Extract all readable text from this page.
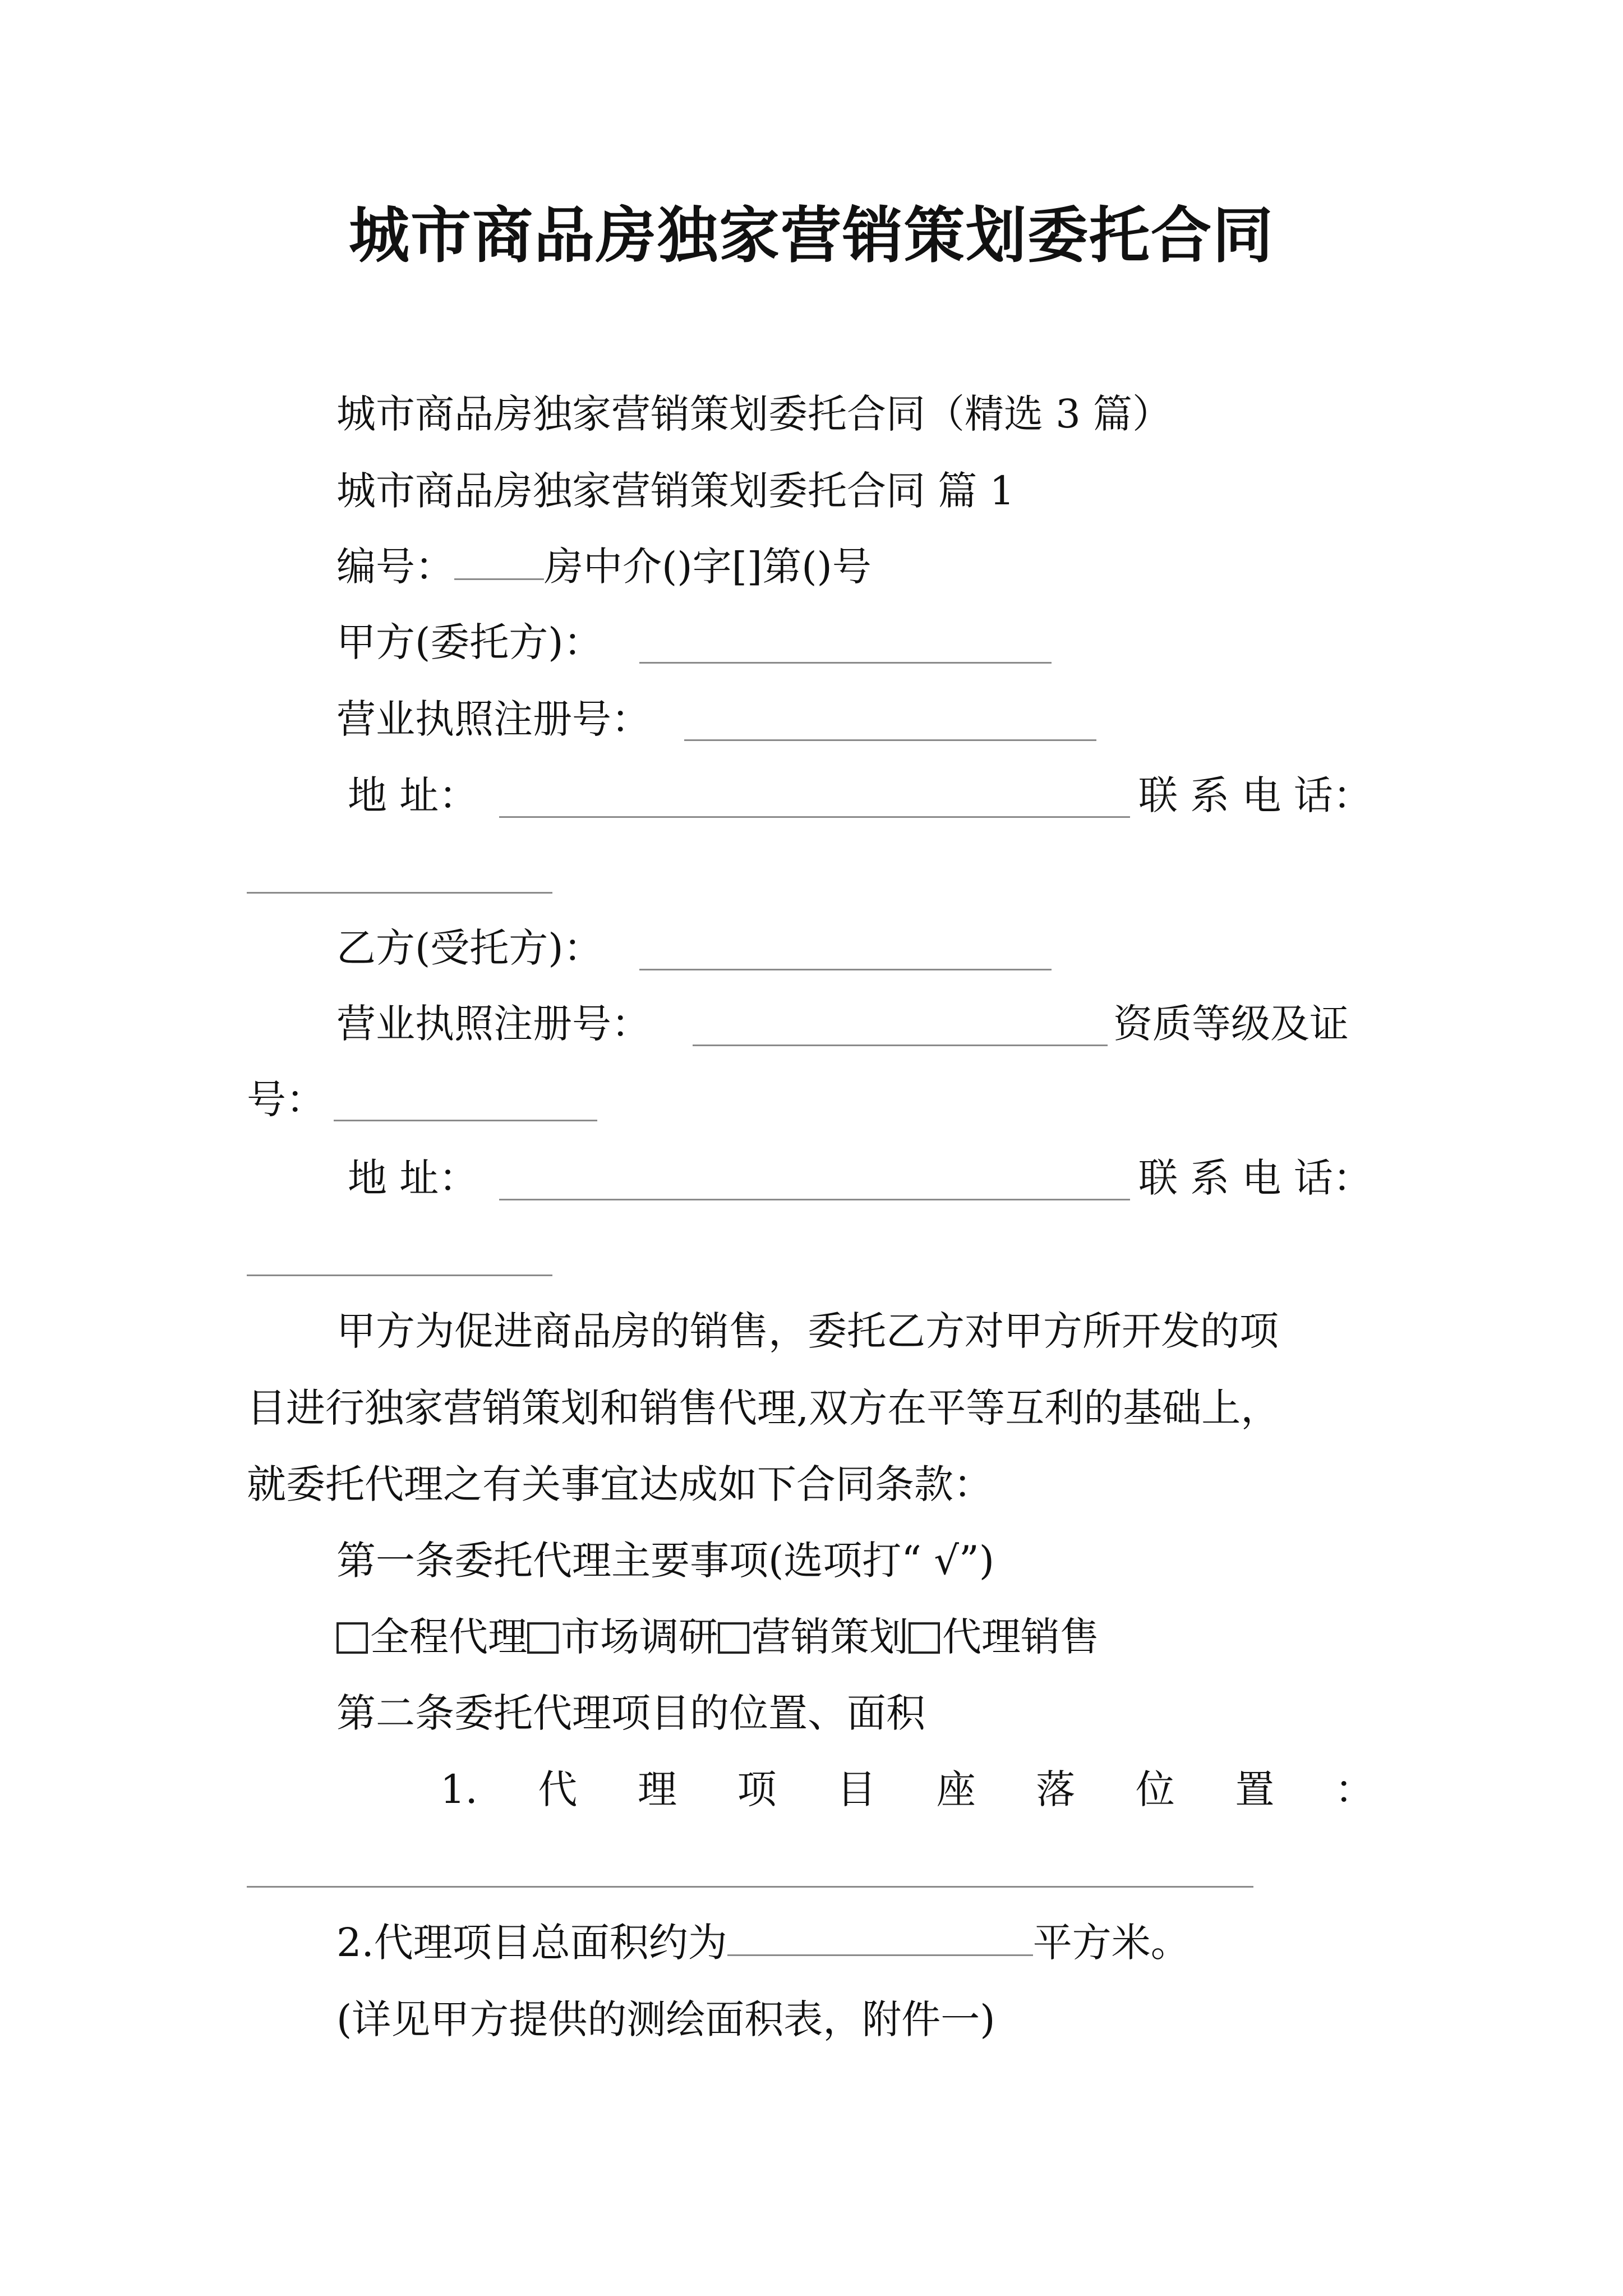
城市商品房独家营销策划委托合同
城市商品房独家营销策划委托合同（精选 3 篇）
城市商品房独家营销策划委托合同 篇 1
编号： 房中介()字[]第()号
甲方(委托方)：
营业执照注册号：
地 址：	联 系 电 话：
乙方(受托方)：
营业执照注册号：	资质等级及证
号：
地 址：	联 系 电 话：
甲方为促进商品房的销售，委托乙方对甲方所开发的项
目进行独家营销策划和销售代理,双方在平等互利的基础上，
就委托代理之有关事宜达成如下合同条款：
第一条委托代理主要事项(选项打“ √”)
全程代理 市场调研 营销策划 代理销售
第二条委托代理项目的位置、面积
1. 代 理 项 目 座 落 位 置 ：
2.代理项目总面积约为	平方米。
(详见甲方提供的测绘面积表，附件一)
